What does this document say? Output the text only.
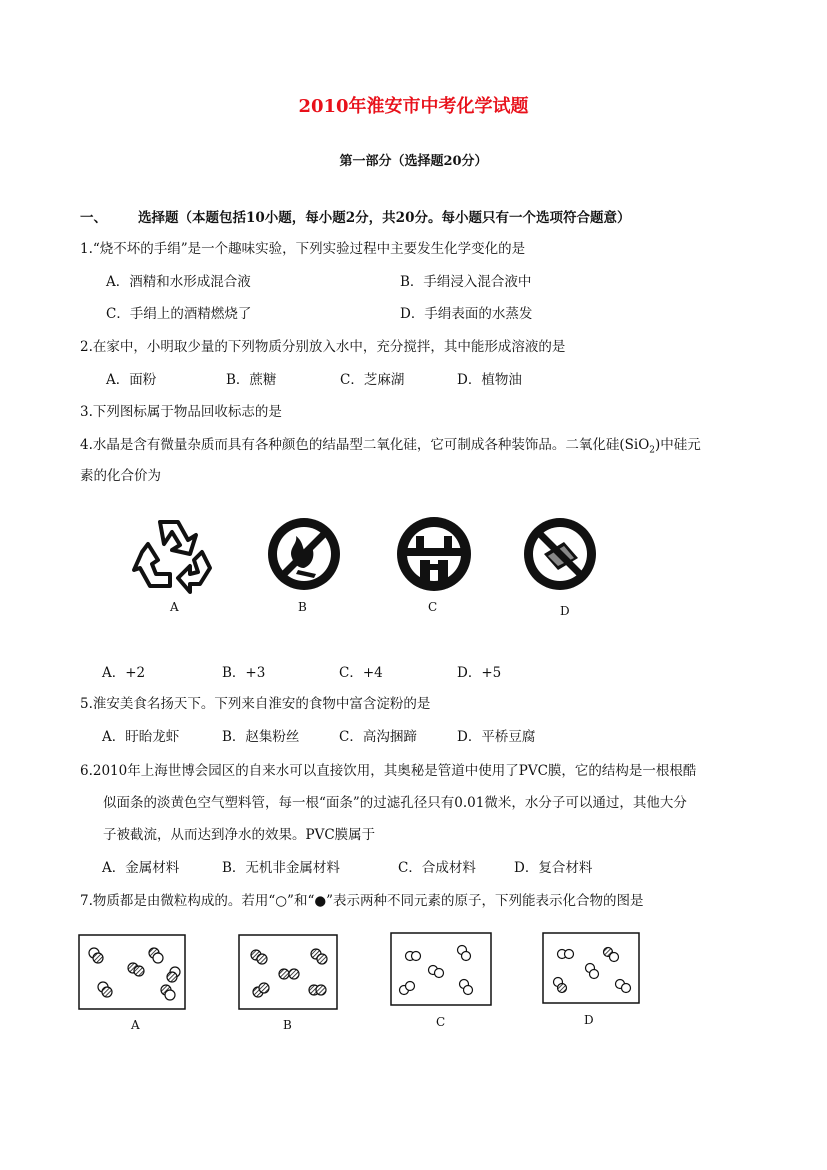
2010年淮安市中考化学试题
第一部分（选择题20分）
一、 选择题（本题包括10小题，每小题2分，共20分。每小题只有一个选项符合题意）
1.“烧不坏的手绢”是一个趣味实验，下列实验过程中主要发生化学变化的是
A．酒精和水形成混合液	B．手绢浸入混合液中
C．手绢上的酒精燃烧了	D．手绢表面的水蒸发
2.在家中，小明取少量的下列物质分别放入水中，充分搅拌，其中能形成溶液的是
A．面粉	B．蔗糖	C．芝麻湖	D．植物油
3.下列图标属于物品回收标志的是
4.水晶是含有微量杂质而具有各种颜色的结晶型二氧化硅，它可制成各种装饰品。二氧化硅(SiO$_2$)中硅元
素的化合价为
A	B	C	D
A．+2	B．+3	C．+4	D．+5
5.淮安美食名扬天下。下列来自淮安的食物中富含淀粉的是
A．盱眙龙虾	B．赵集粉丝	C．高沟捆蹄	D．平桥豆腐
6.2010年上海世博会园区的自来水可以直接饮用，其奥秘是管道中使用了PVC膜，它的结构是一根根酷
似面条的淡黄色空气塑料管，每一根“面条”的过滤孔径只有0.01微米，水分子可以通过，其他大分
子被截流，从而达到净水的效果。PVC膜属于
A．金属材料	B．无机非金属材料	C．合成材料	D．复合材料
7.物质都是由微粒构成的。若用“○”和“●”表示两种不同元素的原子，下列能表示化合物的图是
A	B	C	D
